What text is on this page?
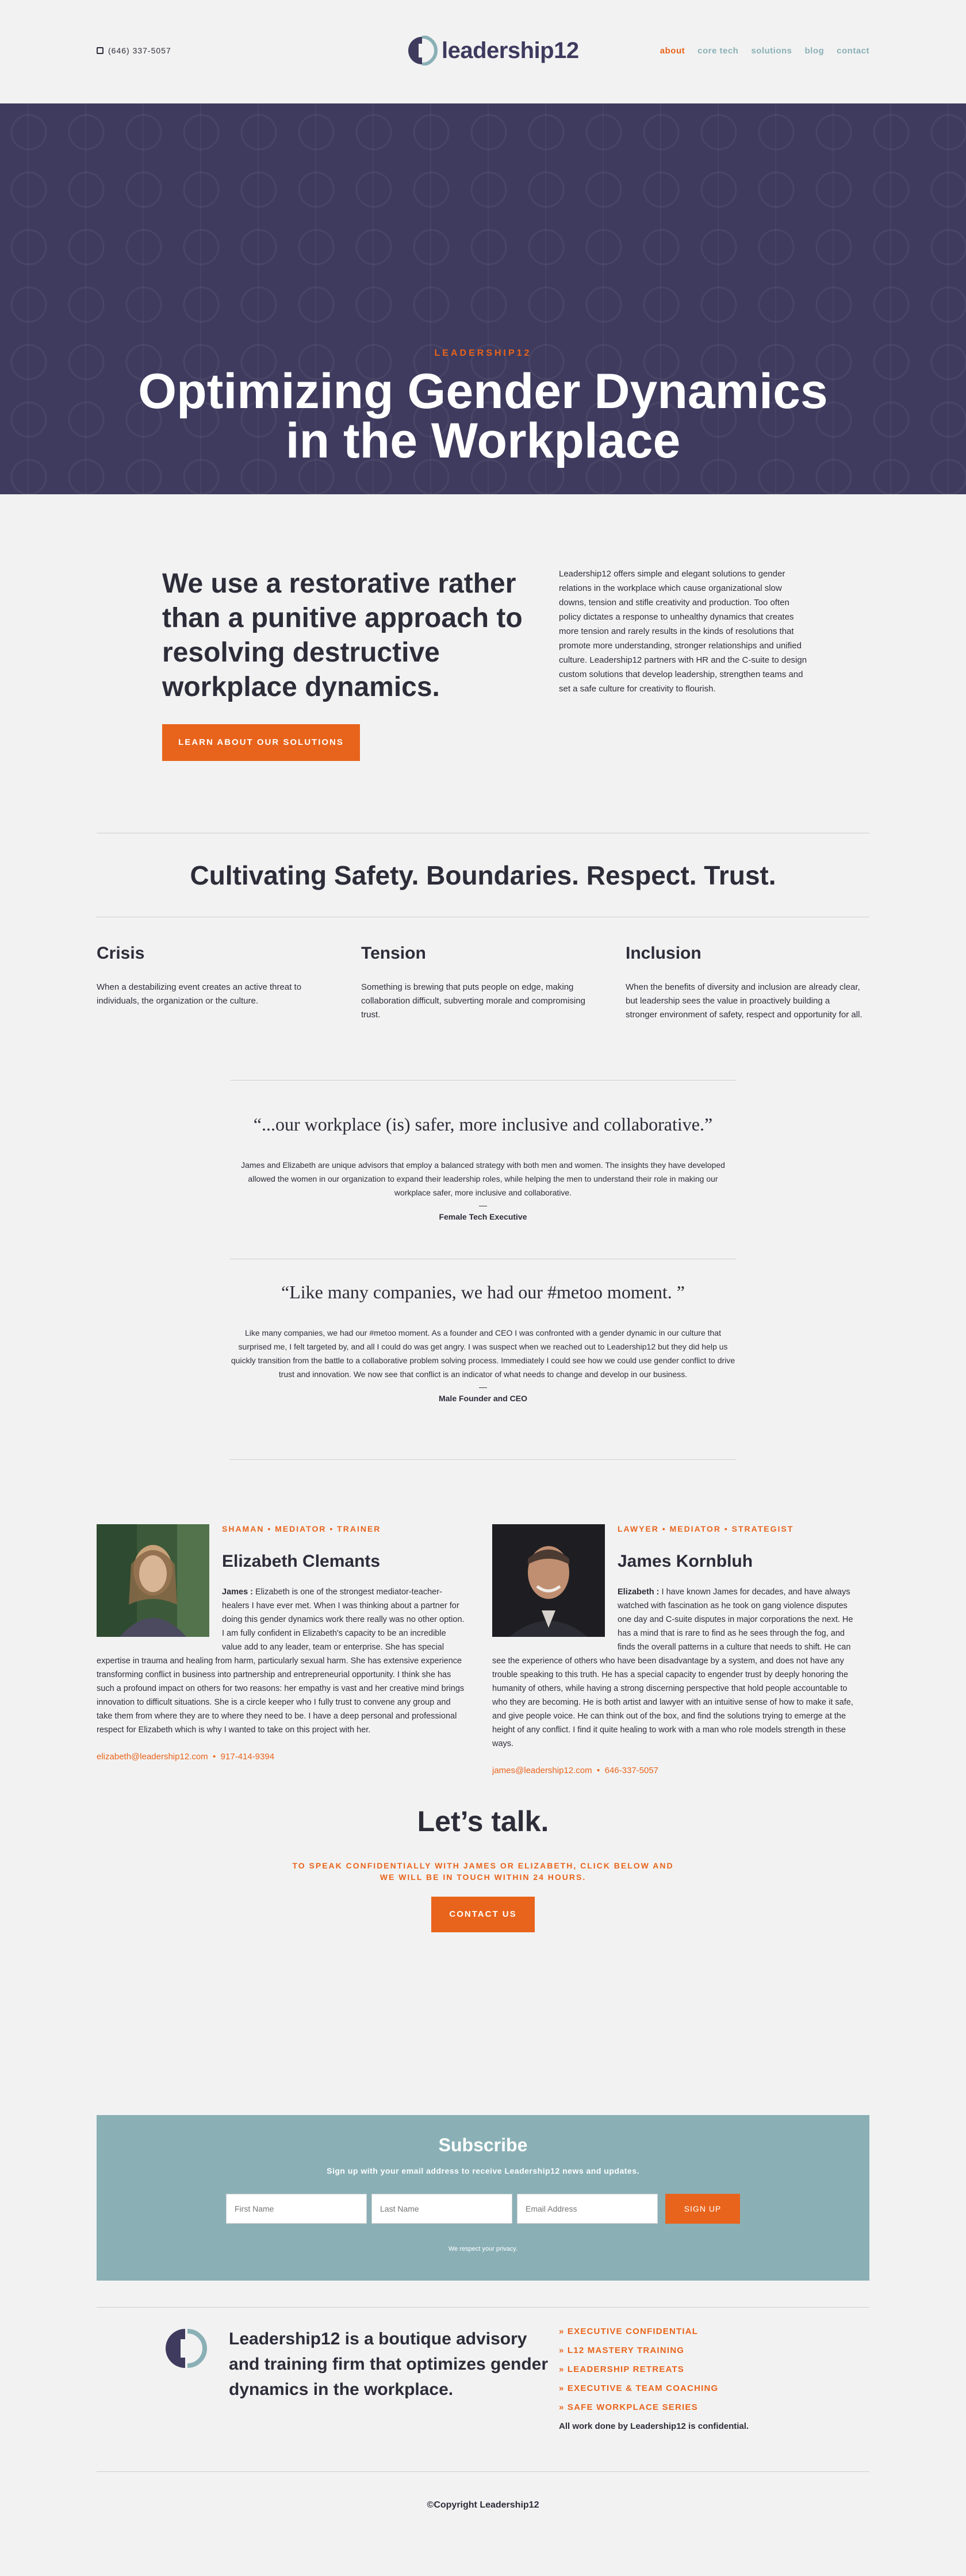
(646) 337-5057	leadership12	about core tech solutions blog contact
LEADERSHIP12
Optimizing Gender Dynamics
in the Workplace
We use a restorative rather than a punitive approach to resolving destructive workplace dynamics.

Leadership12 offers simple and elegant solutions to gender relations in the workplace which cause organizational slow downs, tension and stifle creativity and production. Too often policy dictates a response to unhealthy dynamics that creates more tension and rarely results in the kinds of resolutions that promote more understanding, stronger relationships and unified culture. Leadership12 partners with HR and the C-suite to design custom solutions that develop leadership, strengthen teams and set a safe culture for creativity to flourish.

LEARN ABOUT OUR SOLUTIONS
Cultivating Safety. Boundaries. Respect. Trust.
Crisis

When a destabilizing event creates an active threat to individuals, the organization or the culture.

Tension

Something is brewing that puts people on edge, making collaboration difficult, subverting morale and compromising trust.

Inclusion

When the benefits of diversity and inclusion are already clear, but leadership sees the value in proactively building a stronger environment of safety, respect and opportunity for all.

“...our workplace (is) safer, more inclusive and collaborative.”

James and Elizabeth are unique advisors that employ a balanced strategy with both men and women. The insights they have developed allowed the women in our organization to expand their leadership roles, while helping the men to understand their role in making our workplace safer, more inclusive and collaborative.

—
Female Tech Executive
“Like many companies, we had our #metoo moment. ”

Like many companies, we had our #metoo moment. As a founder and CEO I was confronted with a gender dynamic in our culture that surprised me, I felt targeted by, and all I could do was get angry. I was suspect when we reached out to Leadership12 but they did help us quickly transition from the battle to a collaborative problem solving process. Immediately I could see how we could use gender conflict to drive trust and innovation. We now see that conflict is an indicator of what needs to change and develop in our business.

—
Male Founder and CEO
SHAMAN • MEDIATOR • TRAINER
Elizabeth Clemants

James : Elizabeth is one of the strongest mediator-teacher-healers I have ever met. When I was thinking about a partner for doing this gender dynamics work there really was no other option. I am fully confident in Elizabeth's capacity to be an incredible value add to any leader, team or enterprise. She has special expertise in trauma and healing from harm, particularly sexual harm. She has extensive experience transforming conflict in business into partnership and entrepreneurial opportunity. I think she has such a profound impact on others for two reasons: her empathy is vast and her creative mind brings innovation to difficult situations. She is a circle keeper who I fully trust to convene any group and take them from where they are to where they need to be. I have a deep personal and professional respect for Elizabeth which is why I wanted to take on this project with her.

elizabeth@leadership12.com • 917-414-9394
LAWYER • MEDIATOR • STRATEGIST
James Kornbluh

Elizabeth : I have known James for decades, and have always watched with fascination as he took on gang violence disputes one day and C-suite disputes in major corporations the next. He has a mind that is rare to find as he sees through the fog, and finds the overall patterns in a culture that needs to shift. He can see the experience of others who have been disadvantage by a system, and does not have any trouble speaking to this truth. He has a special capacity to engender trust by deeply honoring the humanity of others, while having a strong discerning perspective that hold people accountable to who they are becoming. He is both artist and lawyer with an intuitive sense of how to make it safe, and give people voice. He can think out of the box, and find the solutions trying to emerge at the height of any conflict. I find it quite healing to work with a man who role models strength in these ways.

james@leadership12.com • 646-337-5057
Let’s talk.
TO SPEAK CONFIDENTIALLY WITH JAMES OR ELIZABETH, CLICK BELOW AND
WE WILL BE IN TOUCH WITHIN 24 HOURS.
CONTACT US
Subscribe
Sign up with your email address to receive Leadership12 news and updates.
First Name
Last Name
Email Address
SIGN UP
We respect your privacy.

Leadership12 is a boutique advisory and training firm that optimizes gender dynamics in the workplace.

» EXECUTIVE CONFIDENTIAL
» L12 MASTERY TRAINING
» LEADERSHIP RETREATS
» EXECUTIVE & TEAM COACHING
» SAFE WORKPLACE SERIES
All work done by Leadership12 is confidential.
©Copyright Leadership12
